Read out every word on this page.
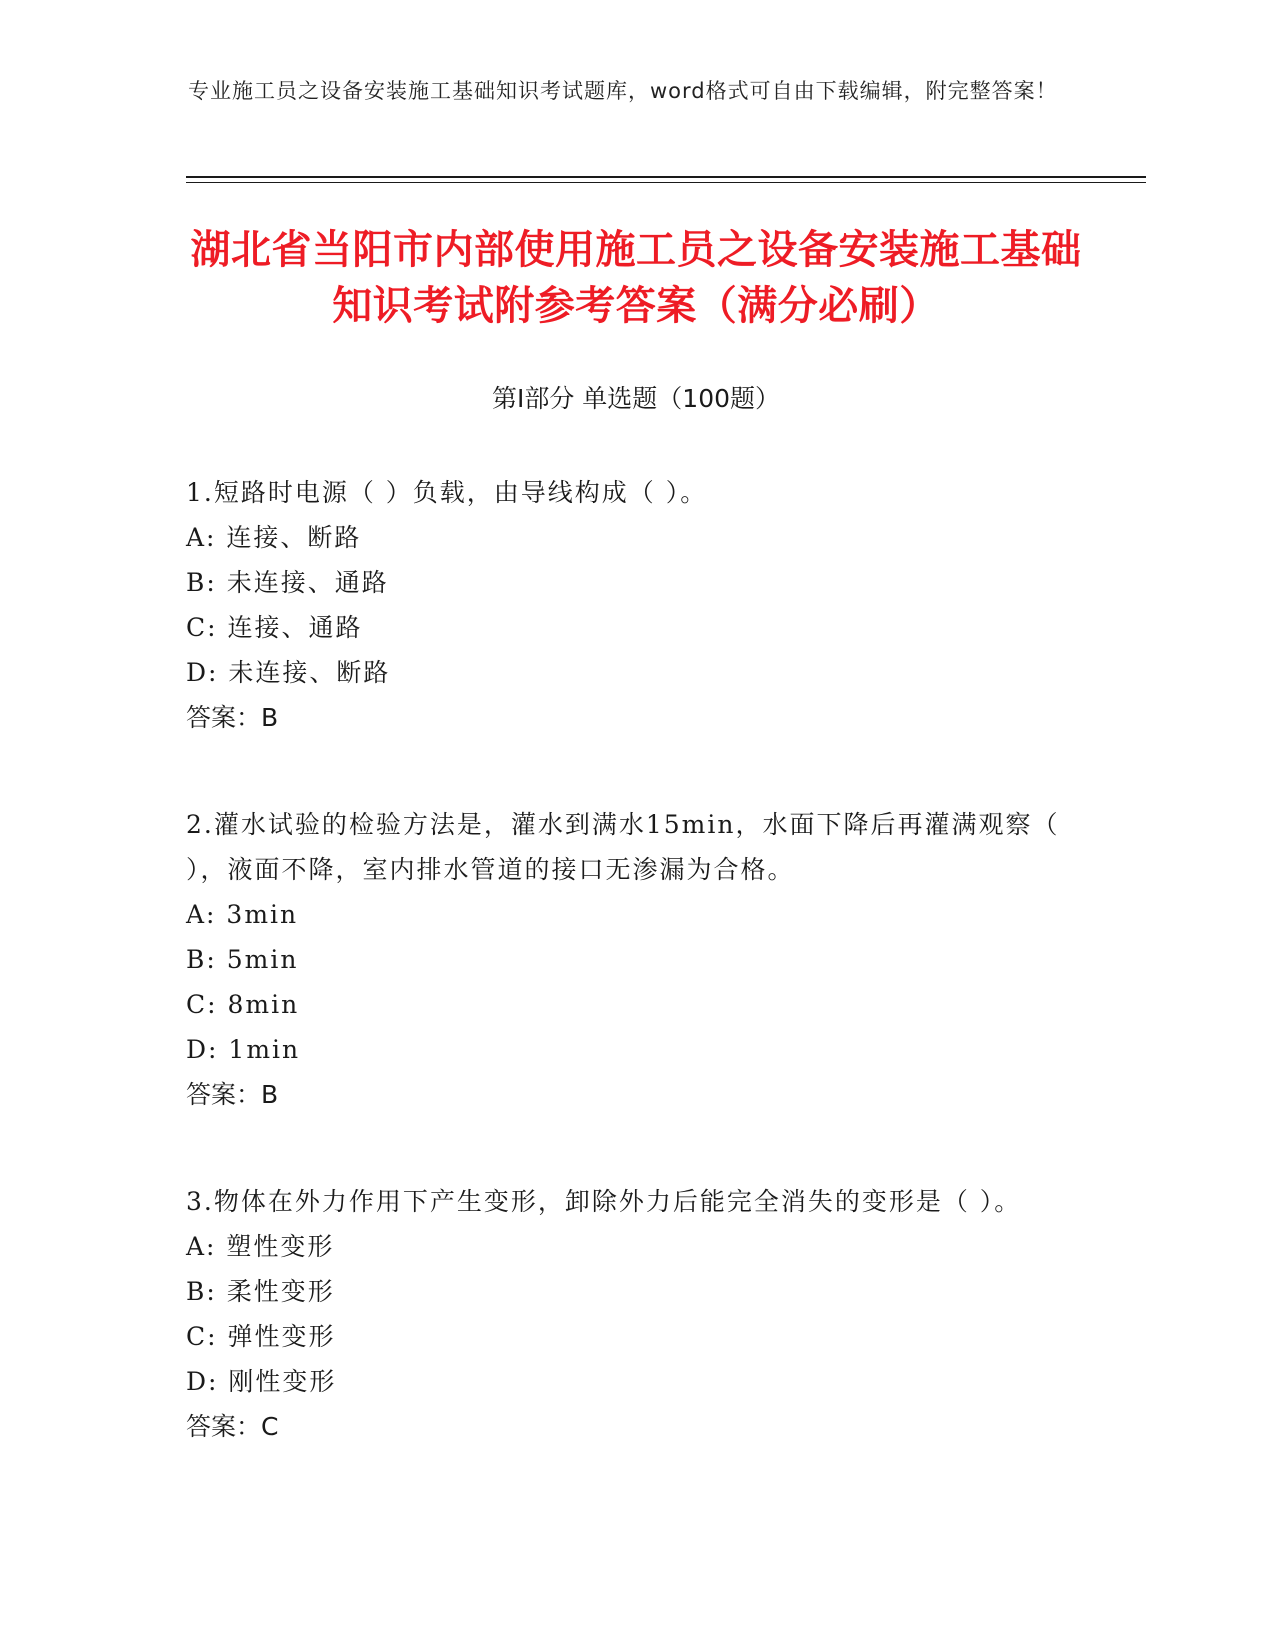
专业施工员之设备安装施工基础知识考试题库，word格式可自由下载编辑，附完整答案！

湖北省当阳市内部使用施工员之设备安装施工基础知识考试附参考答案（满分必刷）
第Ⅰ部分 单选题（100题）

1.短路时电源（ ）负载，由导线构成（ ）。

A: 连接、断路

B: 未连接、通路

C: 连接、通路

D: 未连接、断路

答案：B

2.灌水试验的检验方法是，灌水到满水15min，水面下降后再灌满观察（ ），液面不降，室内排水管道的接口无渗漏为合格。

A: 3min

B: 5min

C: 8min

D: 1min

答案：B

3.物体在外力作用下产生变形，卸除外力后能完全消失的变形是（ ）。

A: 塑性变形

B: 柔性变形

C: 弹性变形

D: 刚性变形

答案：C
